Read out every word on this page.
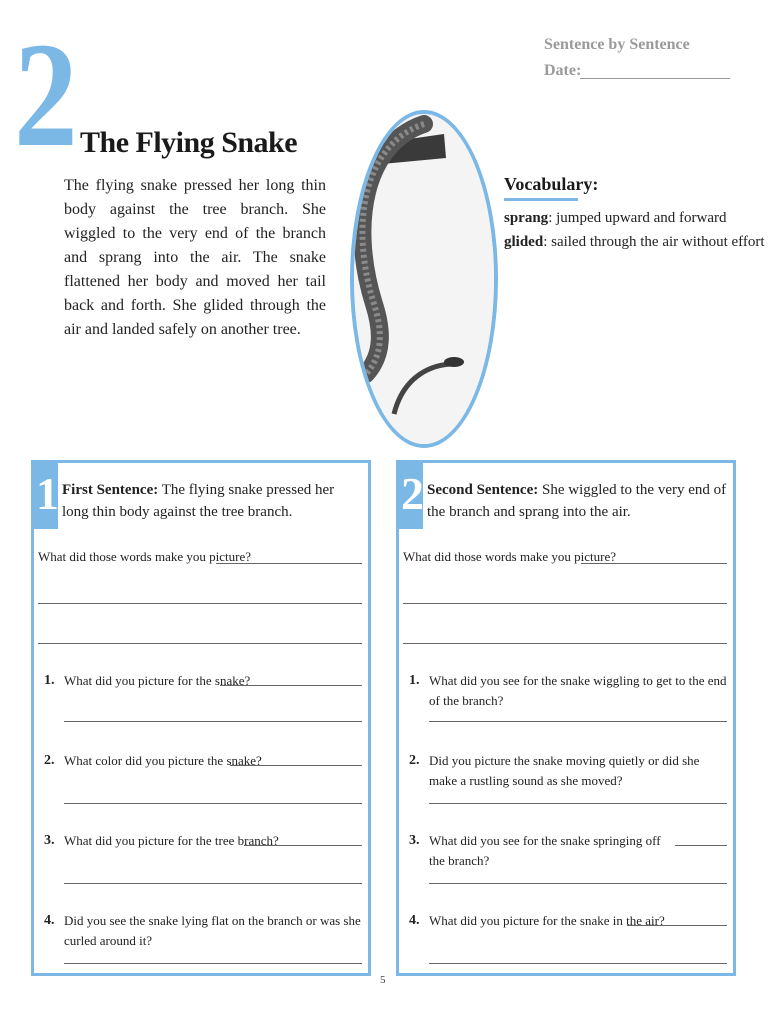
2 The Flying Snake
Sentence by Sentence
Date:
The flying snake pressed her long thin body against the tree branch. She wiggled to the very end of the branch and sprang into the air. The snake flattened her body and moved her tail back and forth. She glided through the air and landed safely on another tree.
Vocabulary:
sprang: jumped upward and forward
glided: sailed through the air without effort
1 First Sentence: The flying snake pressed her long thin body against the tree branch.
What did those words make you picture?
1. What did you picture for the snake?
2. What color did you picture the snake?
3. What did you picture for the tree branch?
4. Did you see the snake lying flat on the branch or was she curled around it?
2 Second Sentence: She wiggled to the very end of the branch and sprang into the air.
What did those words make you picture?
1. What did you see for the snake wiggling to get to the end of the branch?
2. Did you picture the snake moving quietly or did she make a rustling sound as she moved?
3. What did you see for the snake springing off the branch?
4. What did you picture for the snake in the air?
5
